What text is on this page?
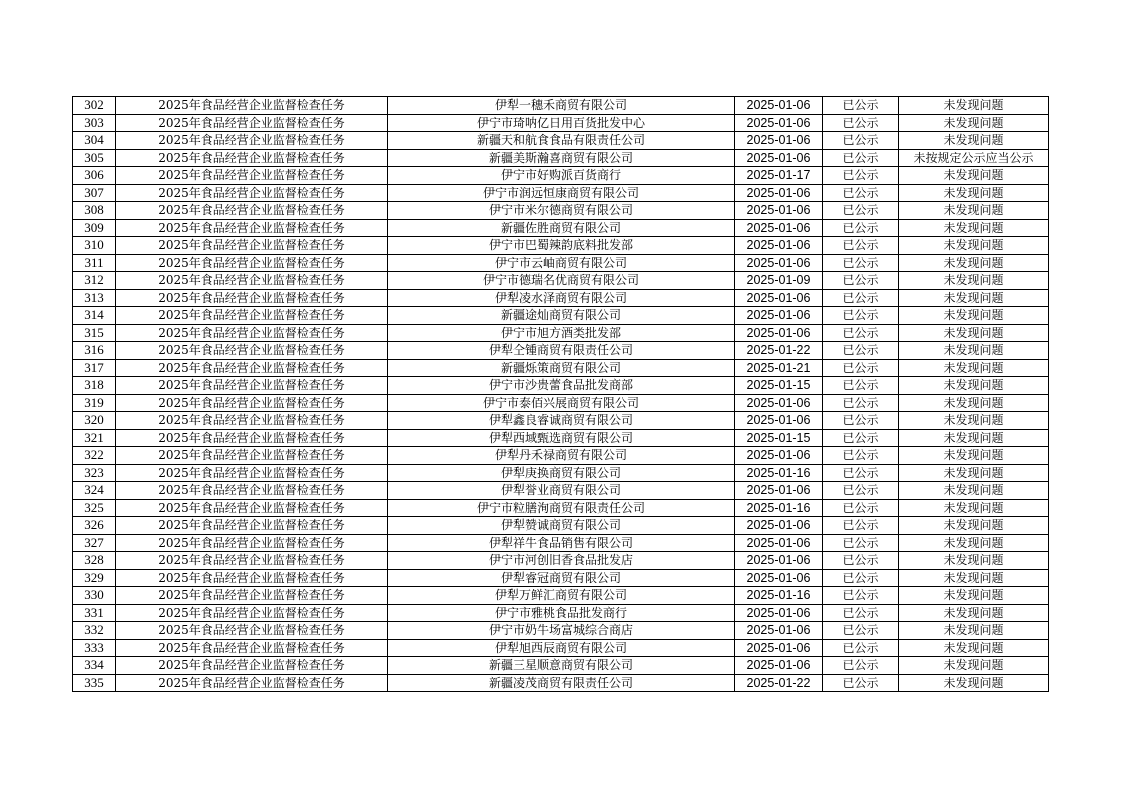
302	2025年食品经营企业监督检查任务	伊犁一穗禾商贸有限公司	2025-01-06	已公示	未发现问题
303	2025年食品经营企业监督检查任务	伊宁市琦呐亿日用百货批发中心	2025-01-06	已公示	未发现问题
304	2025年食品经营企业监督检查任务	新疆天和航食食品有限责任公司	2025-01-06	已公示	未发现问题
305	2025年食品经营企业监督检查任务	新疆美斯瀚喜商贸有限公司	2025-01-06	已公示	未按规定公示应当公示
306	2025年食品经营企业监督检查任务	伊宁市好购派百货商行	2025-01-17	已公示	未发现问题
307	2025年食品经营企业监督检查任务	伊宁市润远恒康商贸有限公司	2025-01-06	已公示	未发现问题
308	2025年食品经营企业监督检查任务	伊宁市米尔德商贸有限公司	2025-01-06	已公示	未发现问题
309	2025年食品经营企业监督检查任务	新疆佐胜商贸有限公司	2025-01-06	已公示	未发现问题
310	2025年食品经营企业监督检查任务	伊宁市巴蜀辣韵底料批发部	2025-01-06	已公示	未发现问题
311	2025年食品经营企业监督检查任务	伊宁市云岫商贸有限公司	2025-01-06	已公示	未发现问题
312	2025年食品经营企业监督检查任务	伊宁市德瑞名优商贸有限公司	2025-01-09	已公示	未发现问题
313	2025年食品经营企业监督检查任务	伊犁凌水泽商贸有限公司	2025-01-06	已公示	未发现问题
314	2025年食品经营企业监督检查任务	新疆途灿商贸有限公司	2025-01-06	已公示	未发现问题
315	2025年食品经营企业监督检查任务	伊宁市旭方酒类批发部	2025-01-06	已公示	未发现问题
316	2025年食品经营企业监督检查任务	伊犁仝锺商贸有限责任公司	2025-01-22	已公示	未发现问题
317	2025年食品经营企业监督检查任务	新疆烁策商贸有限公司	2025-01-21	已公示	未发现问题
318	2025年食品经营企业监督检查任务	伊宁市沙贵蕾食品批发商部	2025-01-15	已公示	未发现问题
319	2025年食品经营企业监督检查任务	伊宁市泰佰兴展商贸有限公司	2025-01-06	已公示	未发现问题
320	2025年食品经营企业监督检查任务	伊犁鑫良睿诚商贸有限公司	2025-01-06	已公示	未发现问题
321	2025年食品经营企业监督检查任务	伊犁西域甄选商贸有限公司	2025-01-15	已公示	未发现问题
322	2025年食品经营企业监督检查任务	伊犁丹禾禄商贸有限公司	2025-01-06	已公示	未发现问题
323	2025年食品经营企业监督检查任务	伊犁庚换商贸有限公司	2025-01-16	已公示	未发现问题
324	2025年食品经营企业监督检查任务	伊犁誉业商贸有限公司	2025-01-06	已公示	未发现问题
325	2025年食品经营企业监督检查任务	伊宁市粒膳洵商贸有限责任公司	2025-01-16	已公示	未发现问题
326	2025年食品经营企业监督检查任务	伊犁赞诚商贸有限公司	2025-01-06	已公示	未发现问题
327	2025年食品经营企业监督检查任务	伊犁祥牛食品销售有限公司	2025-01-06	已公示	未发现问题
328	2025年食品经营企业监督检查任务	伊宁市河创旧香食品批发店	2025-01-06	已公示	未发现问题
329	2025年食品经营企业监督检查任务	伊犁睿冠商贸有限公司	2025-01-06	已公示	未发现问题
330	2025年食品经营企业监督检查任务	伊犁万鲜汇商贸有限公司	2025-01-16	已公示	未发现问题
331	2025年食品经营企业监督检查任务	伊宁市雅桃食品批发商行	2025-01-06	已公示	未发现问题
332	2025年食品经营企业监督检查任务	伊宁市奶牛场富城综合商店	2025-01-06	已公示	未发现问题
333	2025年食品经营企业监督检查任务	伊犁旭西辰商贸有限公司	2025-01-06	已公示	未发现问题
334	2025年食品经营企业监督检查任务	新疆三星顺意商贸有限公司	2025-01-06	已公示	未发现问题
335	2025年食品经营企业监督检查任务	新疆凌茂商贸有限责任公司	2025-01-22	已公示	未发现问题
